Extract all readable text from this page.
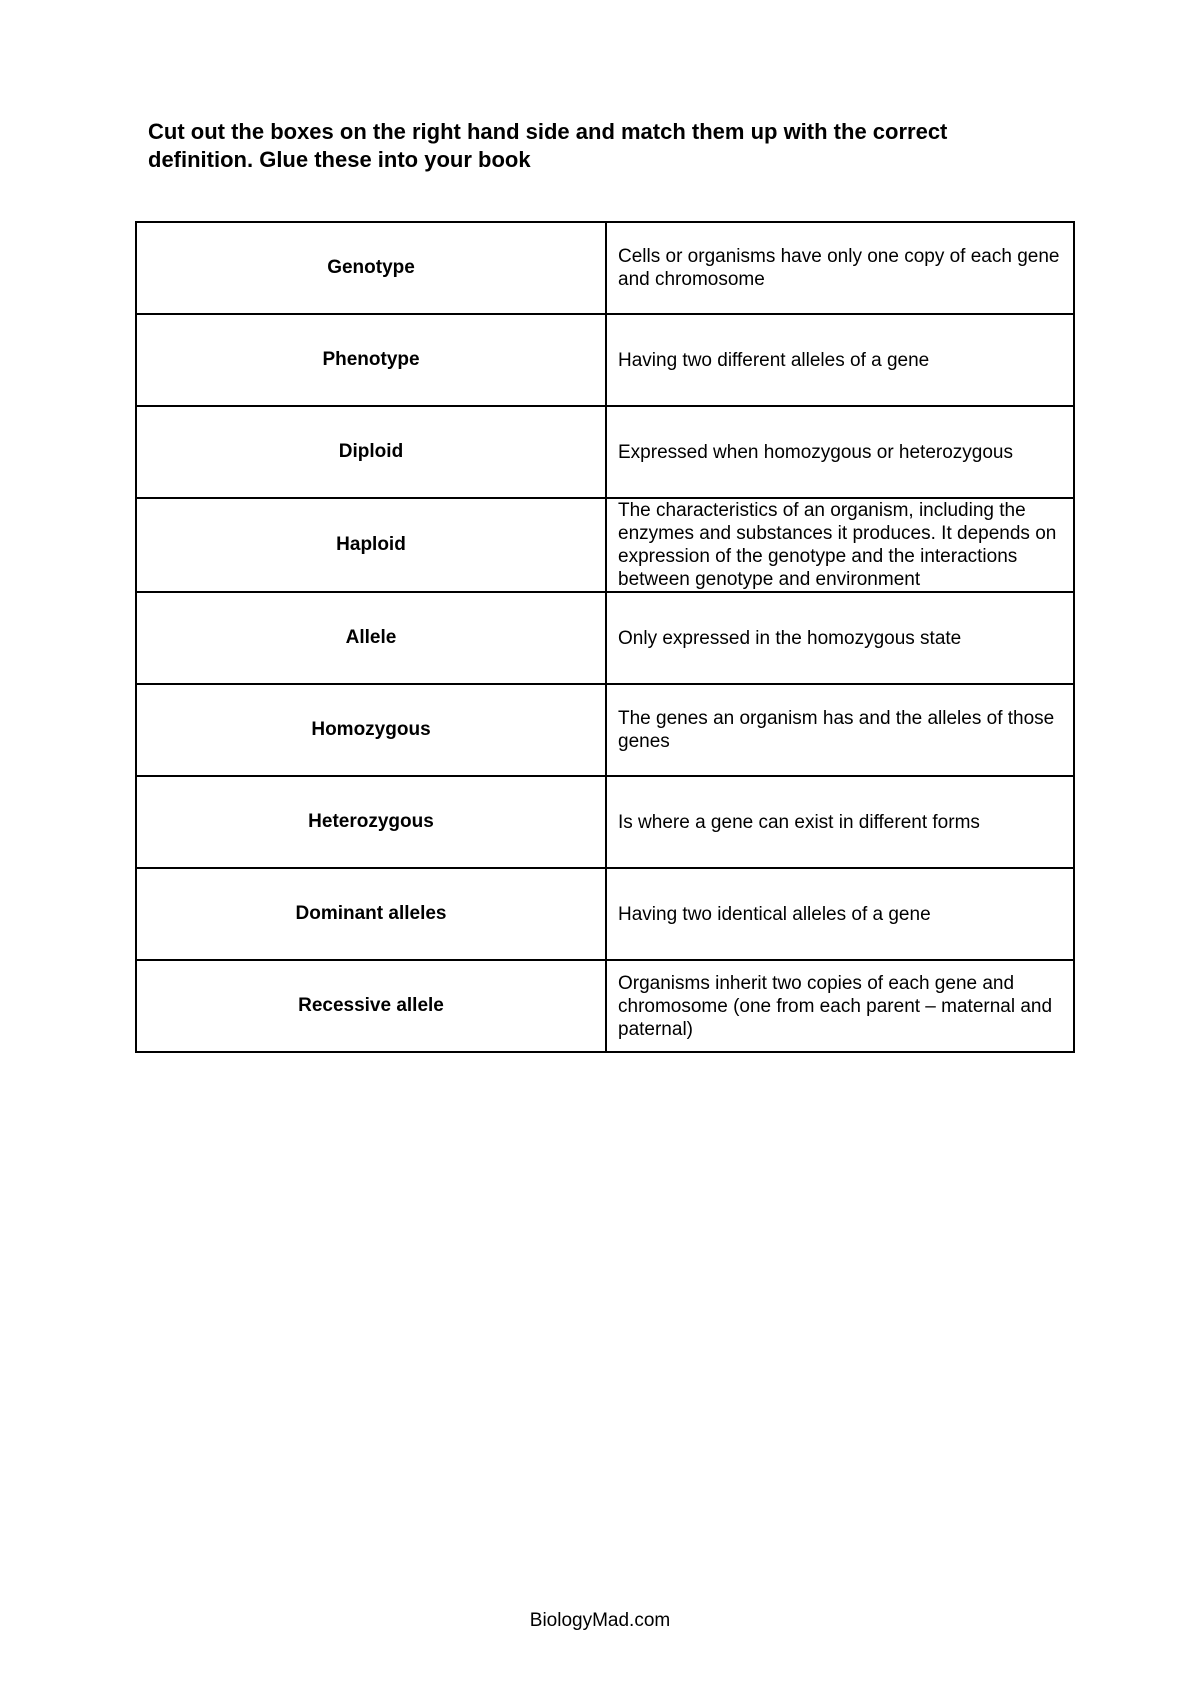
Cut out the boxes on the right hand side and match them up with the correct
definition. Glue these into your book

Genotype	Cells or organisms have only one copy of each gene and chromosome
Phenotype	Having two different alleles of a gene
Diploid	Expressed when homozygous or heterozygous
Haploid	The characteristics of an organism, including the enzymes and substances it produces. It depends on expression of the genotype and the interactions between genotype and environment
Allele	Only expressed in the homozygous state
Homozygous	The genes an organism has and the alleles of those genes
Heterozygous	Is where a gene can exist in different forms
Dominant alleles	Having two identical alleles of a gene
Recessive allele	Organisms inherit two copies of each gene and chromosome (one from each parent – maternal and paternal)
BiologyMad.com
